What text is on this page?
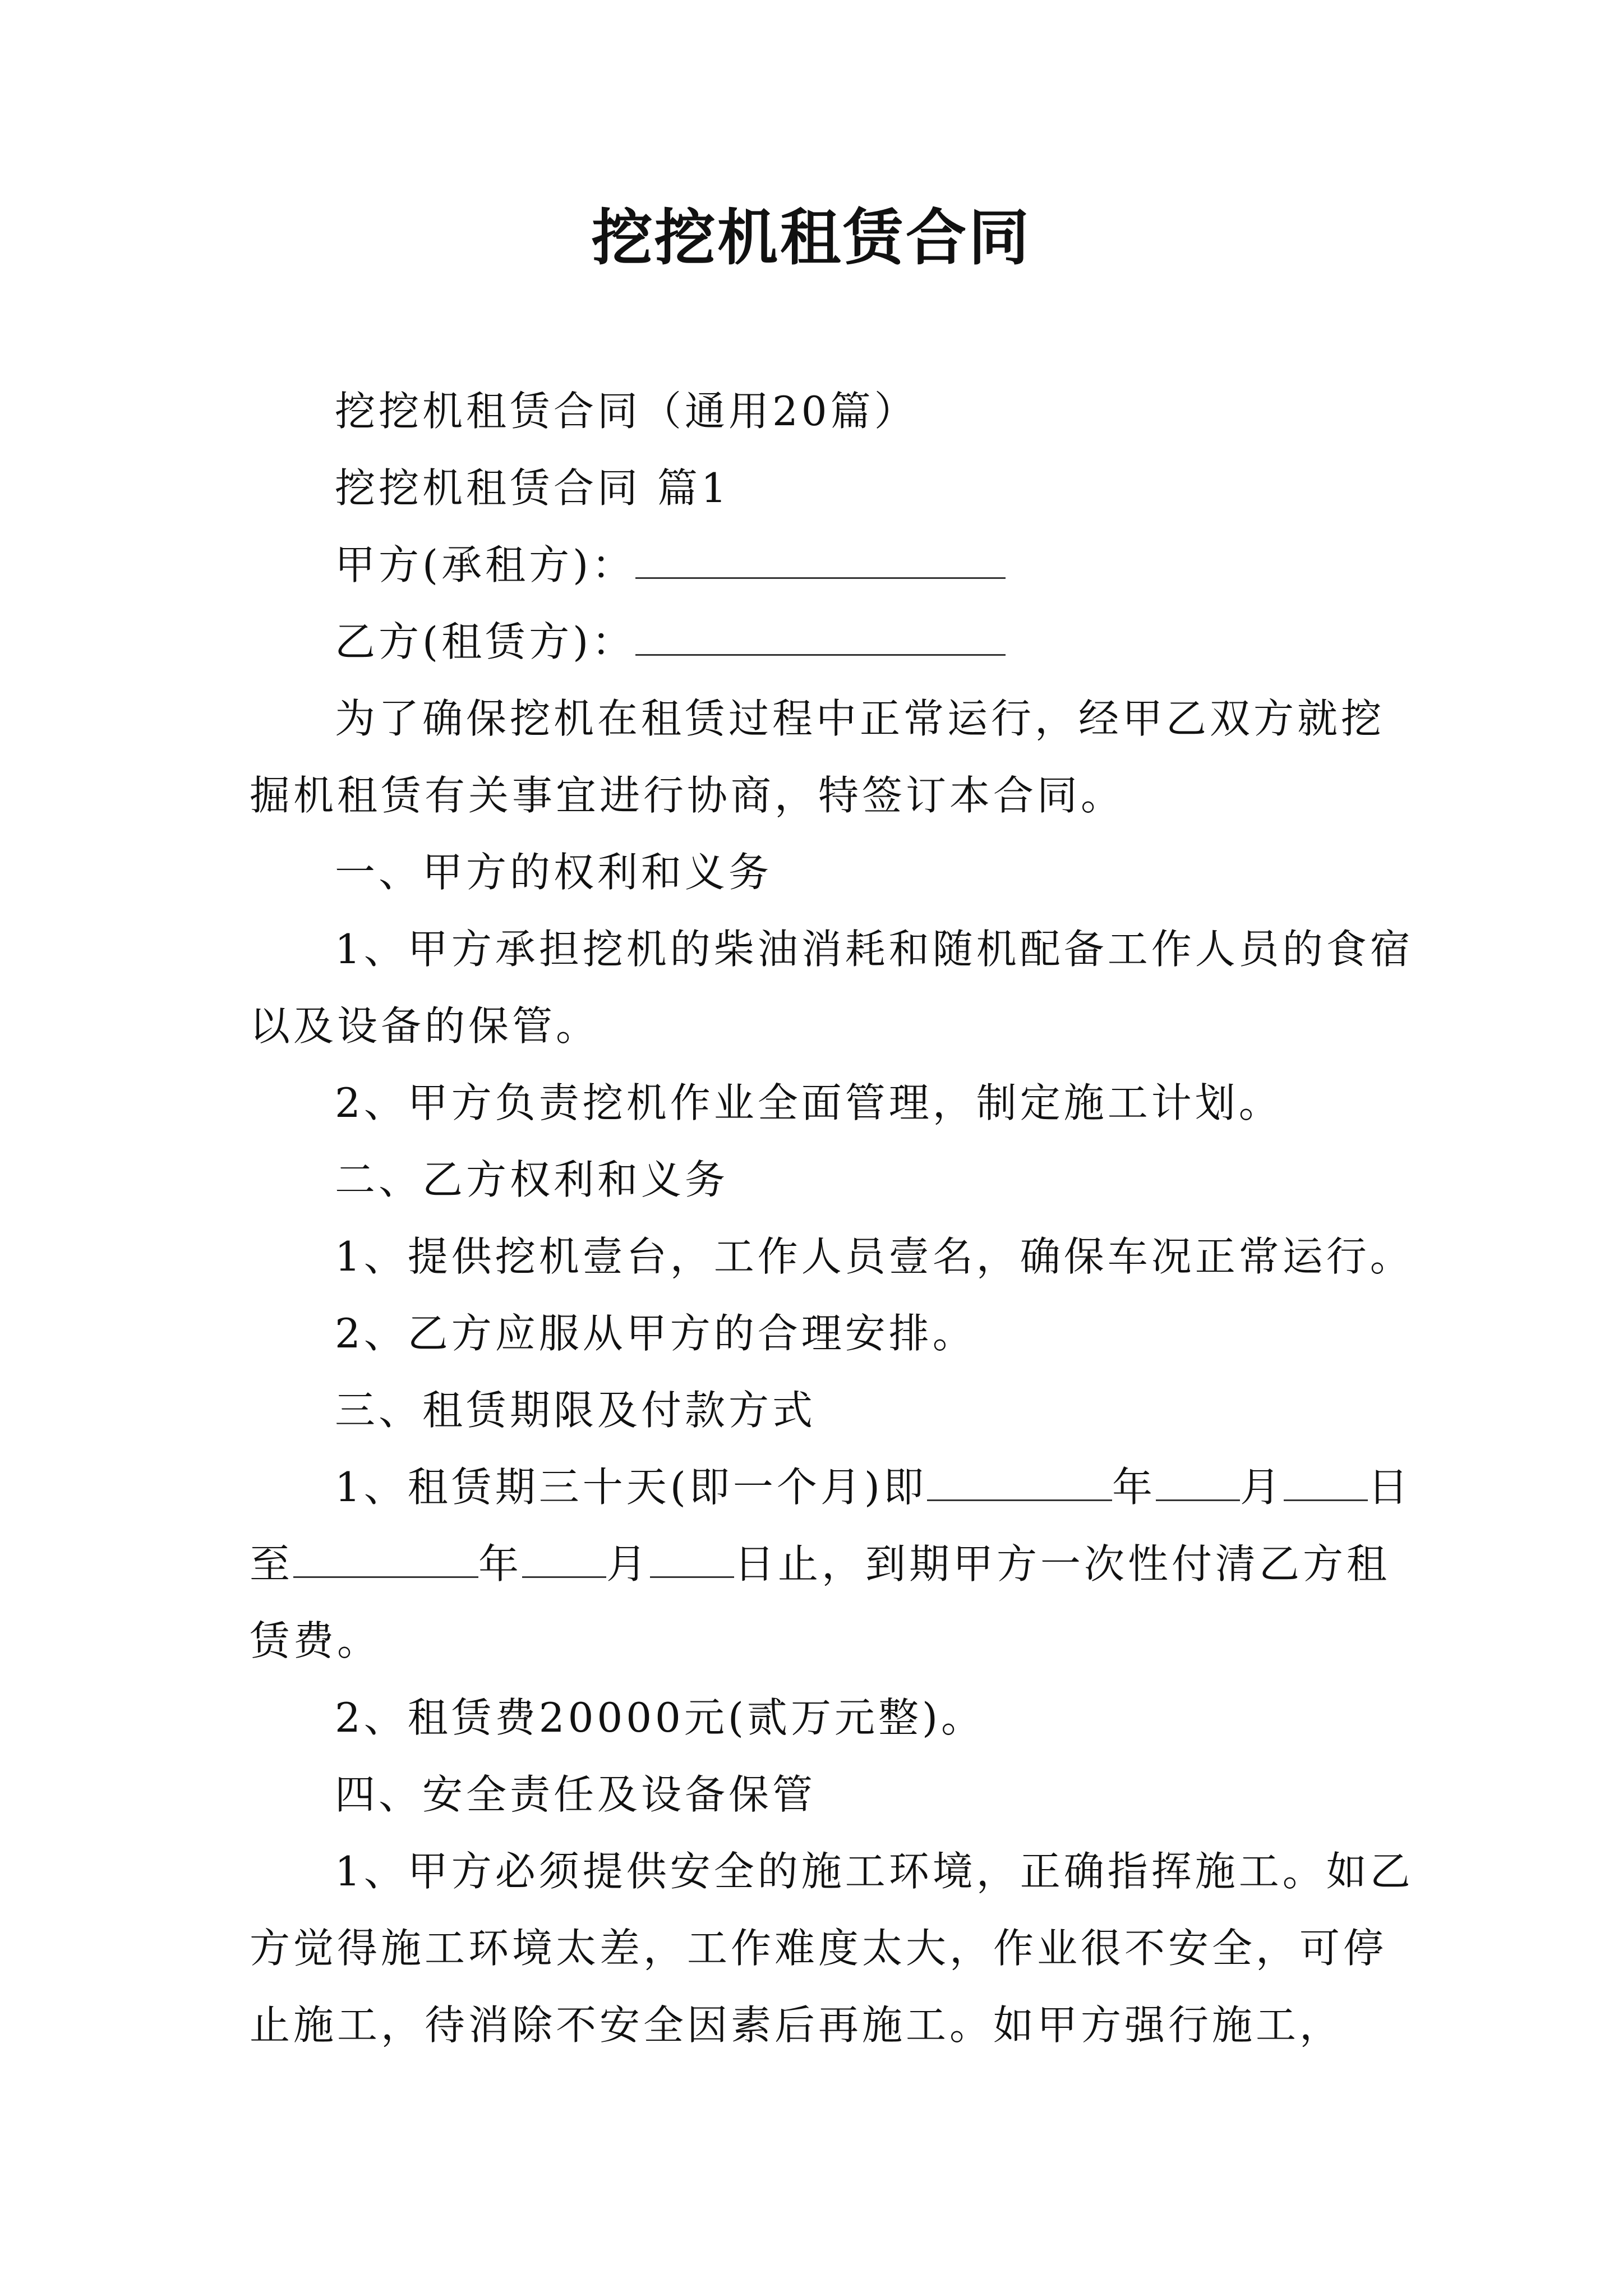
挖挖机租赁合同

挖挖机租赁合同（通用20篇）

挖挖机租赁合同 篇1

甲方(承租方)：

乙方(租赁方)：

为了确保挖机在租赁过程中正常运行，经甲乙双方就挖掘机租赁有关事宜进行协商，特签订本合同。

一、甲方的权利和义务

1、甲方承担挖机的柴油消耗和随机配备工作人员的食宿以及设备的保管。

2、甲方负责挖机作业全面管理，制定施工计划。

二、乙方权利和义务

1、提供挖机壹台，工作人员壹名，确保车况正常运行。

2、乙方应服从甲方的合理安排。

三、租赁期限及付款方式

1、租赁期三十天(即一个月)即	年 月 日至	年 月 日止，到期甲方一次性付清乙方租赁费。

2、租赁费20000元(贰万元整)。

四、安全责任及设备保管

1、甲方必须提供安全的施工环境，正确指挥施工。如乙方觉得施工环境太差，工作难度太大，作业很不安全，可停止施工，待消除不安全因素后再施工。如甲方强行施工，
